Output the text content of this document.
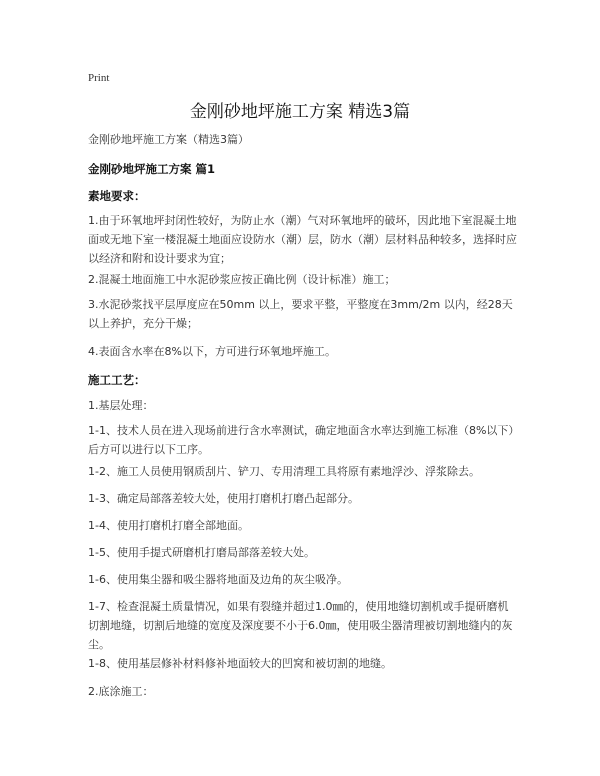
Print
金刚砂地坪施工方案 精选3篇
金刚砂地坪施工方案（精选3篇）
金刚砂地坪施工方案 篇1
素地要求：
1.由于环氧地坪封闭性较好，为防止水（潮）气对环氧地坪的破坏，因此地下室混凝土地面或无地下室一楼混凝土地面应设防水（潮）层，防水（潮）层材料品种较多，选择时应以经济和附和设计要求为宜；
2.混凝土地面施工中水泥砂浆应按正确比例（设计标准）施工；
3.水泥砂浆找平层厚度应在50mm 以上，要求平整，平整度在3mm/2m 以内，经28天以上养护，充分干燥；
4.表面含水率在8%以下，方可进行环氧地坪施工。
施工工艺：
1.基层处理：
1-1、技术人员在进入现场前进行含水率测试，确定地面含水率达到施工标准（8%以下）后方可以进行以下工序。
1-2、施工人员使用钢质刮片、铲刀、专用清理工具将原有素地浮沙、浮浆除去。
1-3、确定局部落差较大处，使用打磨机打磨凸起部分。
1-4、使用打磨机打磨全部地面。
1-5、使用手提式研磨机打磨局部落差较大处。
1-6、使用集尘器和吸尘器将地面及边角的灰尘吸净。
1-7、检查混凝土质量情况，如果有裂缝并超过1.0㎜的，使用地缝切割机或手提研磨机切割地缝，切割后地缝的宽度及深度要不小于6.0㎜，使用吸尘器清理被切割地缝内的灰尘。
1-8、使用基层修补材料修补地面较大的凹窝和被切割的地缝。
2.底涂施工：
